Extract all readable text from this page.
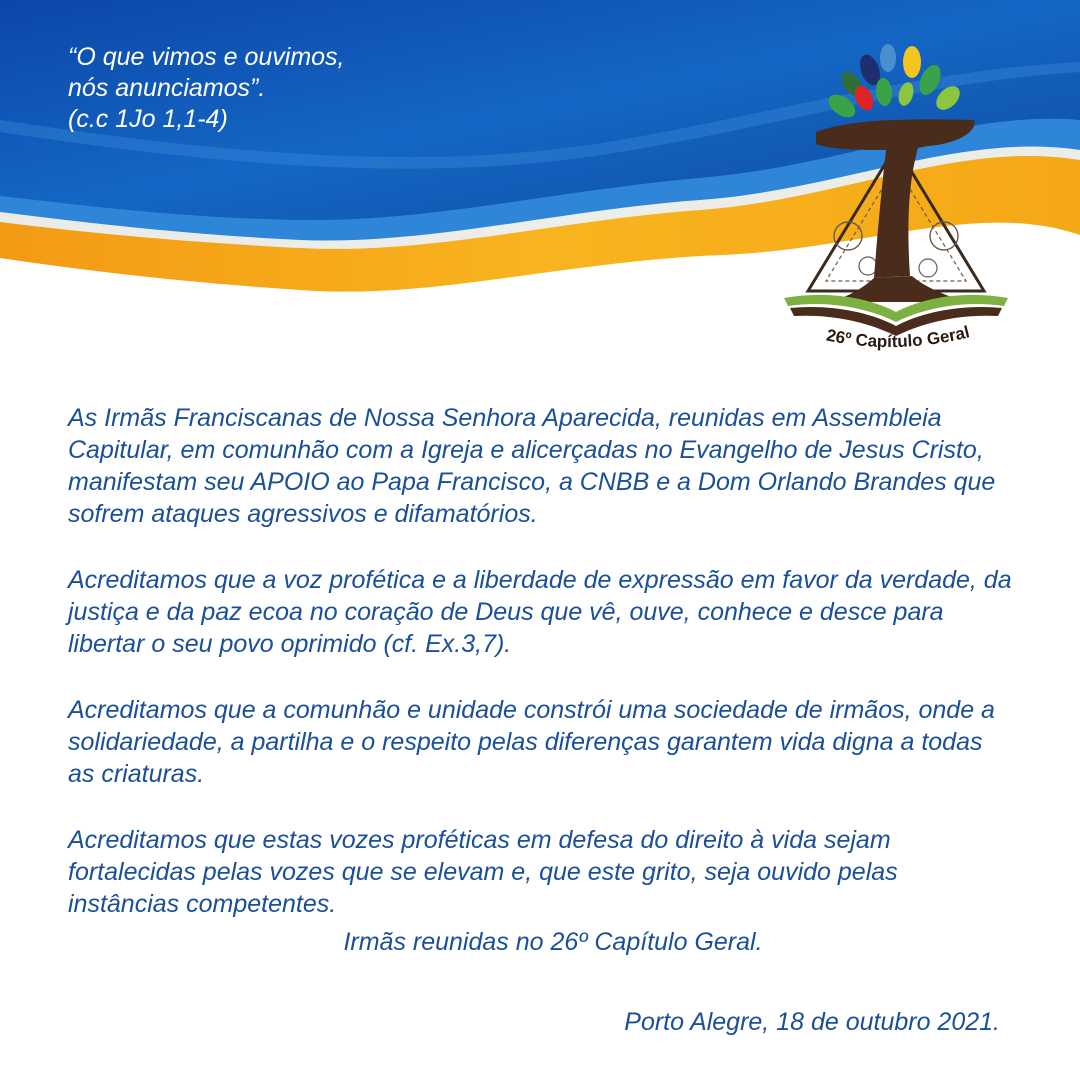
“O que vimos e ouvimos,
nós anunciamos”.
(c.c 1Jo 1,1-4)
26º Capítulo Geral

As Irmãs Franciscanas de Nossa Senhora Aparecida, reunidas em Assembleia Capitular, em comunhão com a Igreja e alicerçadas no Evangelho de Jesus Cristo, manifestam seu APOIO ao Papa Francisco, a CNBB e a Dom Orlando Brandes que sofrem ataques agressivos e difamatórios.

Acreditamos que a voz profética e a liberdade de expressão em favor da verdade, da justiça e da paz ecoa no coração de Deus que vê, ouve, conhece e desce para libertar o seu povo oprimido (cf. Ex.3,7).

Acreditamos que a comunhão e unidade constrói uma sociedade de irmãos, onde a solidariedade, a partilha e o respeito pelas diferenças garantem vida digna a todas as criaturas.

Acreditamos que estas vozes proféticas em defesa do direito à vida sejam fortalecidas pelas vozes que se elevam e, que este grito, seja ouvido pelas instâncias competentes.

Irmãs reunidas no 26º Capítulo Geral.
Porto Alegre, 18 de outubro 2021.
